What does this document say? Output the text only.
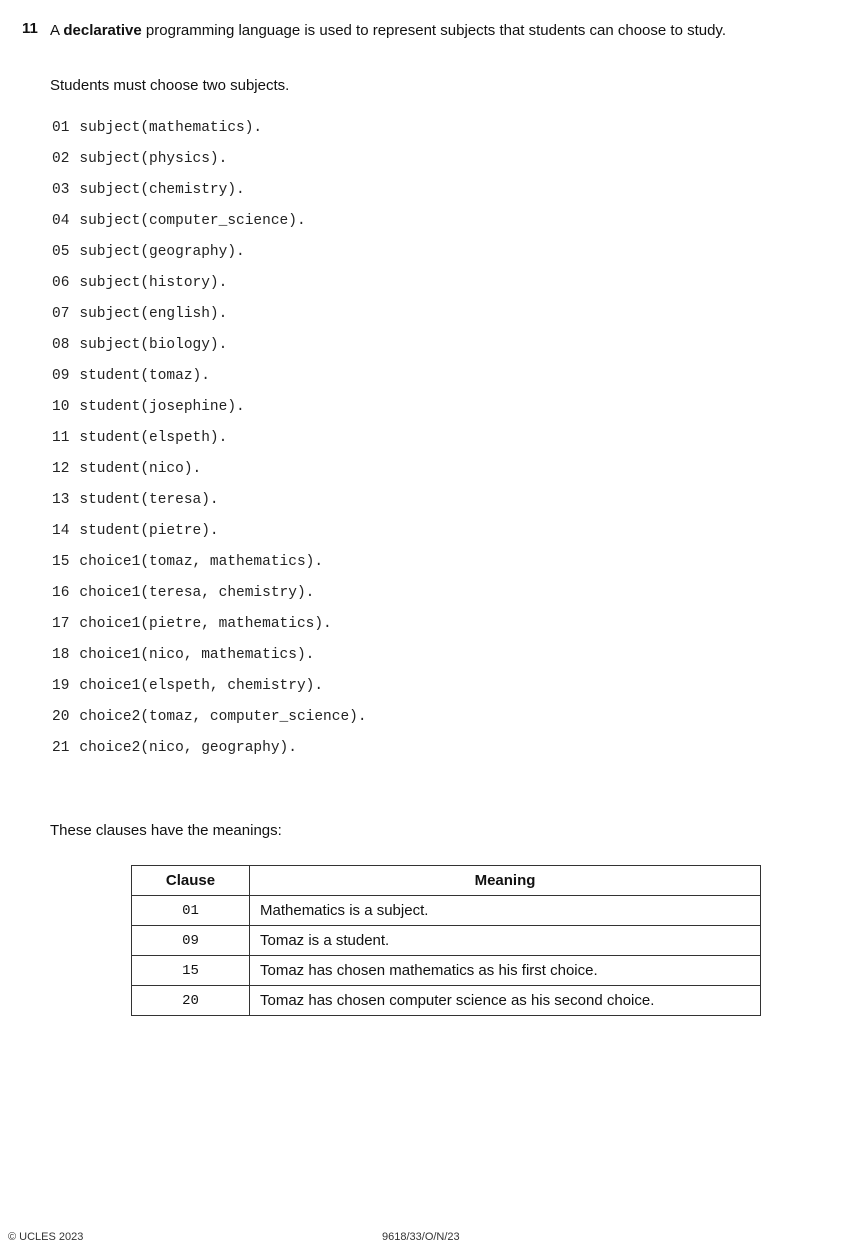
11 A declarative programming language is used to represent subjects that students can choose to study.
Students must choose two subjects.
01 subject(mathematics).
02 subject(physics).
03 subject(chemistry).
04 subject(computer_science).
05 subject(geography).
06 subject(history).
07 subject(english).
08 subject(biology).
09 student(tomaz).
10 student(josephine).
11 student(elspeth).
12 student(nico).
13 student(teresa).
14 student(pietre).
15 choice1(tomaz, mathematics).
16 choice1(teresa, chemistry).
17 choice1(pietre, mathematics).
18 choice1(nico, mathematics).
19 choice1(elspeth, chemistry).
20 choice2(tomaz, computer_science).
21 choice2(nico, geography).
These clauses have the meanings:
Clause	Meaning
01	Mathematics is a subject.
09	Tomaz is a student.
15	Tomaz has chosen mathematics as his first choice.
20	Tomaz has chosen computer science as his second choice.
© UCLES 2023	9618/33/O/N/23
